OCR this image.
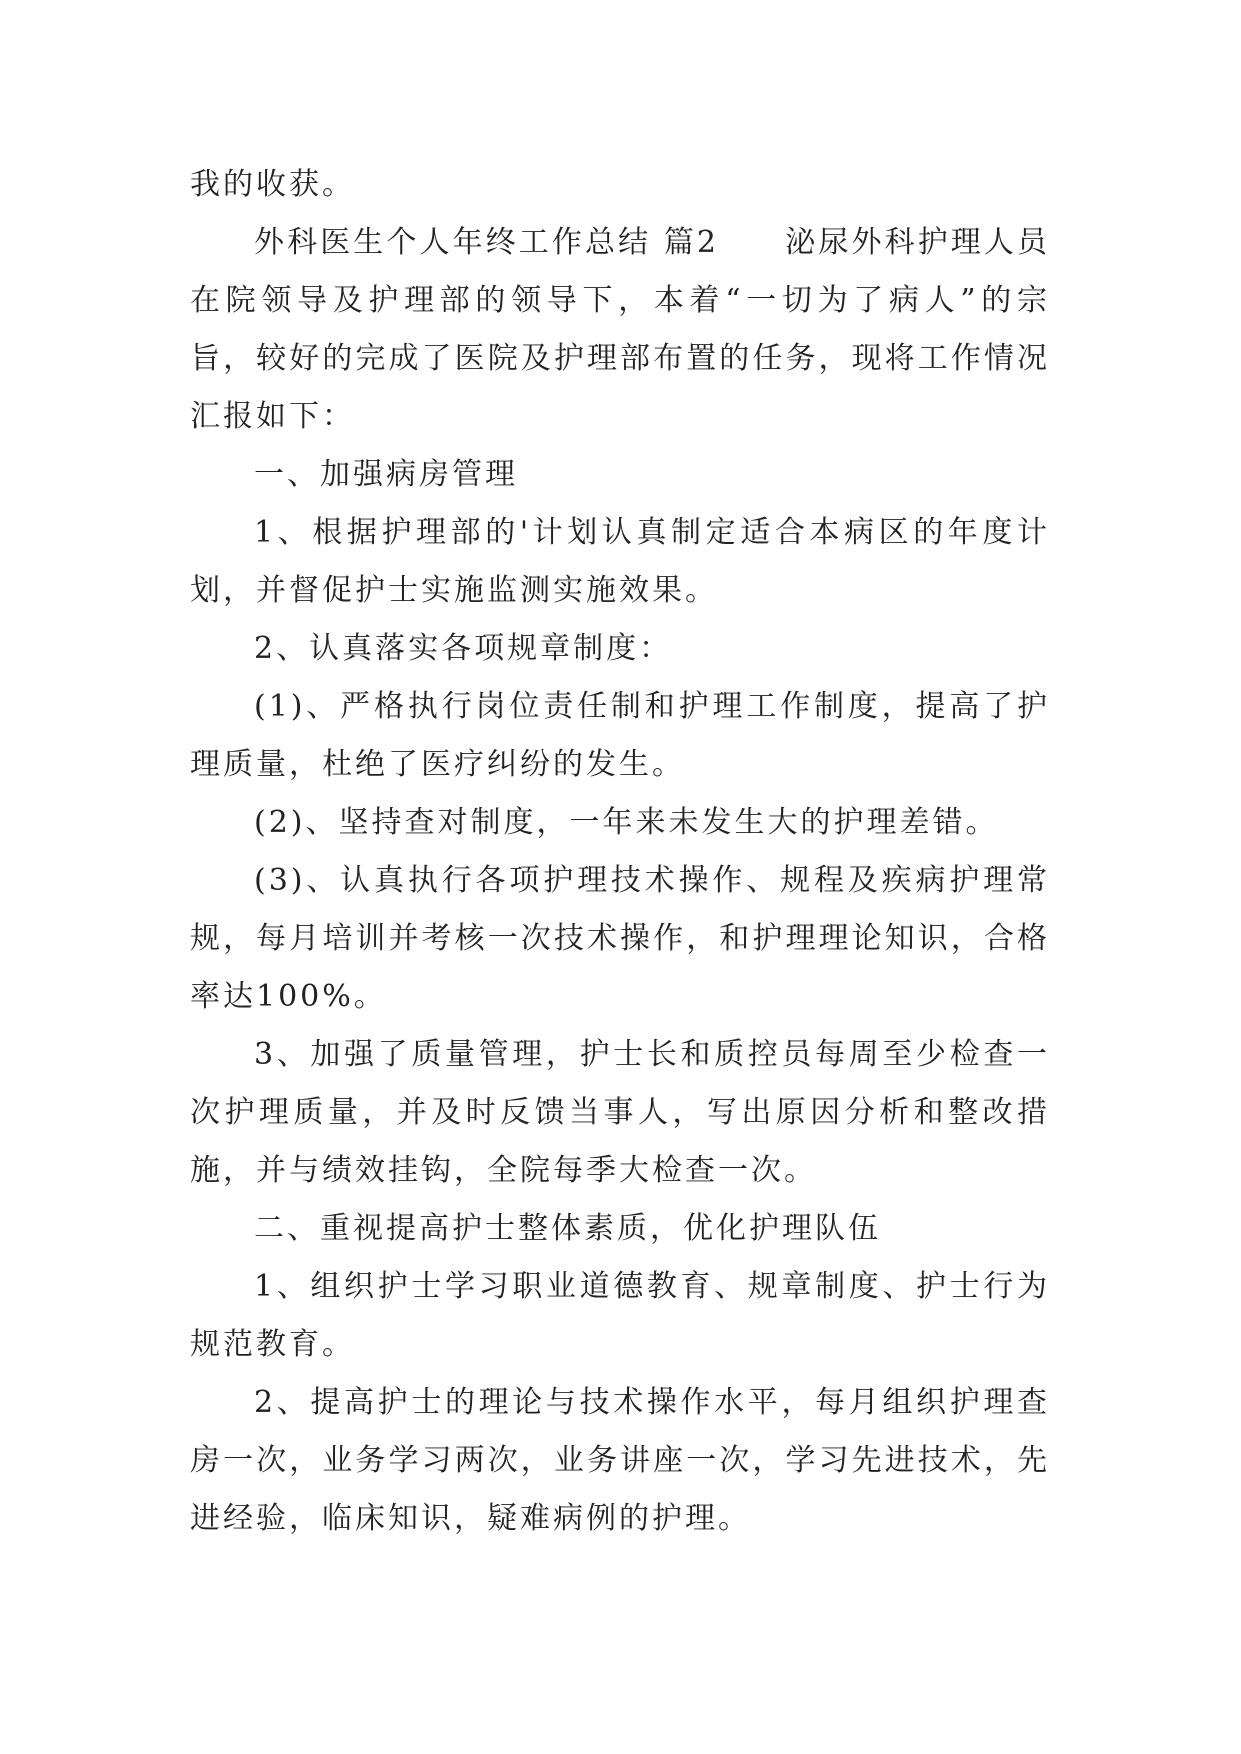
我的收获。

外科医生个人年终工作总结 篇2　　泌尿外科护理人员在院领导及护理部的领导下，本着“一切为了病人”的宗旨，较好的完成了医院及护理部布置的任务，现将工作情况汇报如下：

一、加强病房管理

1、根据护理部的'计划认真制定适合本病区的年度计划，并督促护士实施监测实施效果。

2、认真落实各项规章制度：

(1)、严格执行岗位责任制和护理工作制度，提高了护理质量，杜绝了医疗纠纷的发生。

(2)、坚持查对制度，一年来未发生大的护理差错。

(3)、认真执行各项护理技术操作、规程及疾病护理常规，每月培训并考核一次技术操作，和护理理论知识，合格率达100%。

3、加强了质量管理，护士长和质控员每周至少检查一次护理质量，并及时反馈当事人，写出原因分析和整改措施，并与绩效挂钩，全院每季大检查一次。

二、重视提高护士整体素质，优化护理队伍

1、组织护士学习职业道德教育、规章制度、护士行为规范教育。

2、提高护士的理论与技术操作水平，每月组织护理查房一次，业务学习两次，业务讲座一次，学习先进技术，先进经验，临床知识，疑难病例的护理。
